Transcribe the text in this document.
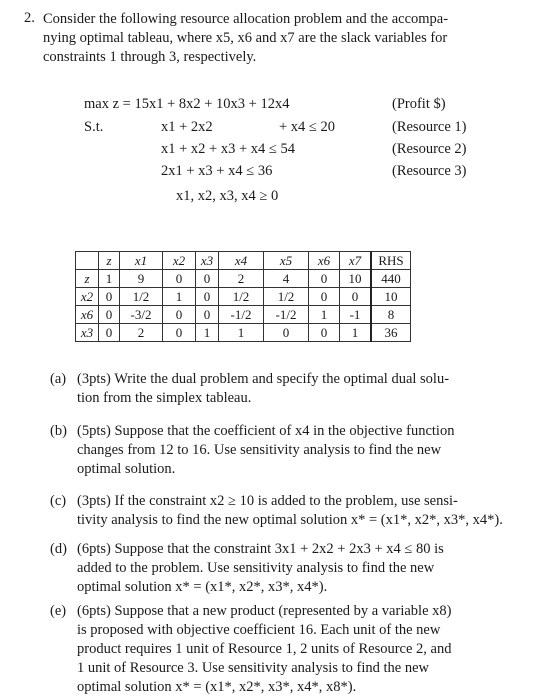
2. Consider the following resource allocation problem and the accompa-
nying optimal tableau, where x5, x6 and x7 are the slack variables for
constraints 1 through 3, respectively.
max z = 15x1 + 8x2 + 10x3 + 12x4	(Profit $)
S.t.	x1 + 2x2	+ x4 ≤ 20	(Resource 1)
x1 + x2 + x3 + x4 ≤ 54	(Resource 2)
2x1 + x3 + x4 ≤ 36	(Resource 3)
x1, x2, x3, x4 ≥ 0
	z	x1	x2	x3	x4	x5	x6	x7	RHS
z	1	9	0	0	2	4	0	10	440
x2	0	1/2	1	0	1/2	1/2	0	0	10
x6	0	-3/2	0	0	-1/2	-1/2	1	-1	8
x3	0	2	0	1	1	0	0	1	36
(a) (3pts) Write the dual problem and specify the optimal dual solu-
tion from the simplex tableau.
(b) (5pts) Suppose that the coefficient of x4 in the objective function
changes from 12 to 16. Use sensitivity analysis to find the new
optimal solution.
(c) (3pts) If the constraint x2 ≥ 10 is added to the problem, use sensi-
tivity analysis to find the new optimal solution x* = (x1*, x2*, x3*, x4*).
(d) (6pts) Suppose that the constraint 3x1 + 2x2 + 2x3 + x4 ≤ 80 is
added to the problem. Use sensitivity analysis to find the new
optimal solution x* = (x1*, x2*, x3*, x4*).
(e) (6pts) Suppose that a new product (represented by a variable x8)
is proposed with objective coefficient 16. Each unit of the new
product requires 1 unit of Resource 1, 2 units of Resource 2, and
1 unit of Resource 3. Use sensitivity analysis to find the new
optimal solution x* = (x1*, x2*, x3*, x4*, x8*).
